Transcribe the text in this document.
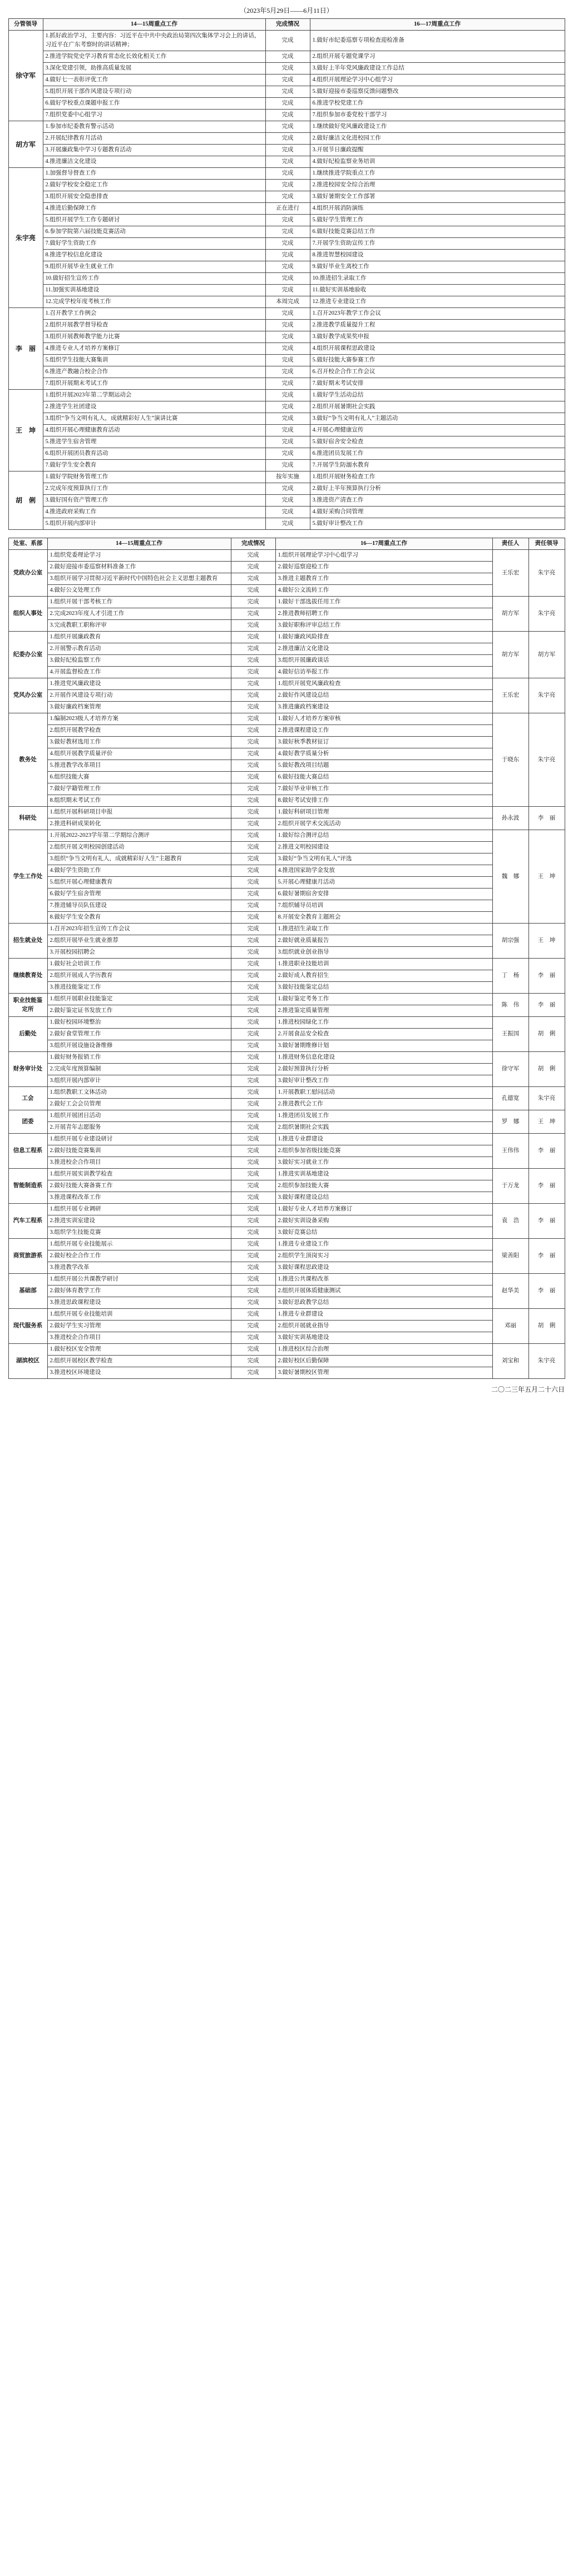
（2023年5月29日——6月11日）
分管领导	14—15周重点工作	完成情况	16—17周重点工作
徐守军	1.抓好政治学习，主要内容：习近平在中共中央政治局第四次集体学习会上的讲话，习近平在广东考察时的讲话精神；	完成	1.做好市纪委巡察专项检查迎检准备
	2.推进学院党史学习教育常态化长效化相关工作	完成	2.组织开展专题党课学习
	3.深化党建引领，助推高质量发展	完成	3.做好上半年党风廉政建设工作总结
	4.做好七一表彰评优工作	完成	4.组织开展理论学习中心组学习
	5.组织开展干部作风建设专项行动	完成	5.做好迎接市委巡察反馈问题整改
	6.做好学校重点课题申报工作	完成	6.推进学校党建工作
	7.组织党委中心组学习	完成	7.组织参加市委党校干部学习
胡方军	1.参加市纪委教育警示活动	完成	1.继续做好党风廉政建设工作
	2.开展纪律教育月活动	完成	2.做好廉洁文化进校园工作
	3.开展廉政集中学习专题教育活动	完成	3.开展节日廉政提醒
	4.推进廉洁文化建设	完成	4.做好纪检监察业务培训
朱宇亮	1.加强督导督查工作	完成	1.继续推进学院重点工作
	2.做好学校安全稳定工作	完成	2.推进校园安全综合治理
	3.组织开展安全隐患排查	完成	3.做好暑期安全工作部署
	4.推进后勤保障工作	正在进行	4.组织开展消防演练
	5.组织开展学生工作专题研讨	完成	5.做好学生管理工作
	6.参加学院第六届技能竞赛活动	完成	6.做好技能竞赛总结工作
	7.做好学生资助工作	完成	7.开展学生资助宣传工作
	8.推进学校信息化建设	完成	8.推进智慧校园建设
	9.组织开展毕业生就业工作	完成	9.做好毕业生离校工作
	10.做好招生宣传工作	完成	10.推进招生录取工作
	11.加强实训基地建设	完成	11.做好实训基地验收
	12.完成学校年度考核工作	本周完成	12.推进专业建设工作
李　丽	1.召开教学工作例会	完成	1.召开2023年教学工作会议
	2.组织开展教学督导检查	完成	2.推进教学质量提升工程
	3.组织开展教师教学能力比赛	完成	3.做好教学成果奖申报
	4.推进专业人才培养方案修订	完成	4.组织开展课程思政建设
	5.组织学生技能大赛集训	完成	5.做好技能大赛参赛工作
	6.推进产教融合校企合作	完成	6.召开校企合作工作会议
	7.组织开展期末考试工作	完成	7.做好期末考试安排
王　坤	1.组织开展2023年第二学期运动会	完成	1.做好学生活动总结
	2.推进学生社团建设	完成	2.组织开展暑期社会实践
	3.组织“争当文明有礼人，成就精彩好人生”演讲比赛	完成	3.做好“争当文明有礼人”主题活动
	4.组织开展心理健康教育活动	完成	4.开展心理健康宣传
	5.推进学生宿舍管理	完成	5.做好宿舍安全检查
	6.组织开展团员教育活动	完成	6.推进团员发展工作
	7.做好学生安全教育	完成	7.开展学生防溺水教育
胡　俐	1.做好学院财务管理工作	按年实施	1.组织开展财务检查工作
	2.完成年度预算执行工作	完成	2.做好上半年预算执行分析
	3.做好国有资产管理工作	完成	3.推进资产清查工作
	4.推进政府采购工作	完成	4.做好采购合同管理
	5.组织开展内部审计	完成	5.做好审计整改工作
处室、系部	14—15周重点工作	完成情况	16—17周重点工作	责任人	责任领导
党政办公室	1.组织党委理论学习	完成	1.组织开展理论学习中心组学习	王乐宏	朱宇亮
	2.做好迎接市委巡察材料准备工作	完成	2.做好巡察迎检工作		
	3.组织开展学习贯彻习近平新时代中国特色社会主义思想主题教育	完成	3.推进主题教育工作		
	4.做好公文处理工作	完成	4.做好公文流转工作		
组织人事处	1.组织开展干部考核工作	完成	1.做好干部选拔任用工作	胡方军	朱宇亮
	2.完成2023年度人才引进工作	完成	2.推进教师招聘工作		
	3.完成教职工职称评审	完成	3.做好职称评审总结工作		
纪委办公室	1.组织开展廉政教育	完成	1.做好廉政风险排查	胡方军	胡方军
	2.开展警示教育活动	完成	2.推进廉洁文化建设		
	3.做好纪检监察工作	完成	3.组织开展廉政谈话		
	4.开展监督检查工作	完成	4.做好信访举报工作		
党风办公室	1.推进党风廉政建设	完成	1.组织开展党风廉政检查	王乐宏	朱宇亮
	2.开展作风建设专项行动	完成	2.做好作风建设总结		
	3.做好廉政档案管理	完成	3.推进廉政档案建设		
教务处	1.编制2023级人才培养方案	完成	1.做好人才培养方案审核	于晓东	朱宇亮
	2.组织开展教学检查	完成	2.推进课程建设工作		
	3.做好教材选用工作	完成	3.做好秋季教材征订		
	4.组织开展教学质量评价	完成	4.做好教学质量分析		
	5.推进教学改革项目	完成	5.做好教改项目结题		
	6.组织技能大赛	完成	6.做好技能大赛总结		
	7.做好学籍管理工作	完成	7.做好毕业审核工作		
	8.组织期末考试工作	完成	8.做好考试安排工作		
科研处	1.组织开展科研项目申报	完成	1.做好科研项目管理	孙永波	李　丽
	2.推进科研成果转化	完成	2.组织开展学术交流活动		
学生工作处	1.开展2022-2023学年第二学期综合测评	完成	1.做好综合测评总结	魏　娜	王　坤
	2.组织开展文明校园创建活动	完成	2.推进文明校园建设		
	3.组织“争当文明有礼人，成就精彩好人生”主题教育	完成	3.做好“争当文明有礼人”评选		
	4.做好学生资助工作	完成	4.推进国家助学金发放		
	5.组织开展心理健康教育	完成	5.开展心理健康月活动		
	6.做好学生宿舍管理	完成	6.做好暑期宿舍安排		
	7.推进辅导员队伍建设	完成	7.组织辅导员培训		
	8.做好学生安全教育	完成	8.开展安全教育主题班会		
招生就业处	1.召开2023年招生宣传工作会议	完成	1.推进招生录取工作	胡宗强	王　坤
	2.组织开展毕业生就业推荐	完成	2.做好就业质量报告		
	3.开展校园招聘会	完成	3.组织就业创业指导		
继续教育处	1.做好社会培训工作	完成	1.推进职业技能培训	丁　杨	李　丽
	2.组织开展成人学历教育	完成	2.做好成人教育招生		
	3.推进技能鉴定工作	完成	3.做好技能鉴定总结		
职业技能鉴定所	1.组织开展职业技能鉴定	完成	1.做好鉴定考务工作	陈　伟	李　丽
	2.做好鉴定证书发放工作	完成	2.推进鉴定质量管理		
后勤处	1.做好校园环境整治	完成	1.推进校园绿化工作	王振国	胡　俐
	2.做好食堂管理工作	完成	2.开展食品安全检查		
	3.组织开展设施设备维修	完成	3.做好暑期维修计划		
财务审计处	1.做好财务报销工作	完成	1.推进财务信息化建设	徐守军	胡　俐
	2.完成年度预算编制	完成	2.做好预算执行分析		
	3.组织开展内部审计	完成	3.做好审计整改工作		
工会	1.组织教职工文体活动	完成	1.开展教职工慰问活动	孔德宽	朱宇亮
	2.做好工会会员管理	完成	2.推进教代会工作		
团委	1.组织开展团日活动	完成	1.推进团员发展工作	罗　娜	王　坤
	2.开展青年志愿服务	完成	2.组织暑期社会实践		
信息工程系	1.组织开展专业建设研讨	完成	1.推进专业群建设	王伟伟	李　丽
	2.做好技能竞赛集训	完成	2.组织参加省级技能竞赛		
	3.推进校企合作项目	完成	3.做好实习就业工作		
智能制造系	1.组织开展实训教学检查	完成	1.推进实训基地建设	于万龙	李　丽
	2.做好技能大赛备赛工作	完成	2.组织参加技能大赛		
	3.推进课程改革工作	完成	3.做好课程建设总结		
汽车工程系	1.组织开展专业调研	完成	1.做好专业人才培养方案修订	袁　浩	李　丽
	2.推进实训室建设	完成	2.做好实训设备采购		
	3.组织学生技能竞赛	完成	3.做好竞赛总结		
商贸旅游系	1.组织开展专业技能展示	完成	1.推进专业建设工作	梁善阳	李　丽
	2.做好校企合作工作	完成	2.组织学生顶岗实习		
	3.推进教学改革	完成	3.做好课程思政建设		
基础部	1.组织开展公共课教学研讨	完成	1.推进公共课程改革	赵华美	李　丽
	2.做好体育教学工作	完成	2.组织开展体质健康测试		
	3.推进思政课程建设	完成	3.做好思政教学总结		
现代服务系	1.组织开展专业技能培训	完成	1.推进专业群建设	邓丽	胡　俐
	2.做好学生实习管理	完成	2.组织开展就业指导		
	3.推进校企合作项目	完成	3.做好实训基地建设		
湖滨校区	1.做好校区安全管理	完成	1.推进校区综合治理	刘宝和	朱宇亮
	2.组织开展校区教学检查	完成	2.做好校区后勤保障		
	3.推进校区环境建设	完成	3.做好暑期校区管理		
二〇二三年五月二十六日
